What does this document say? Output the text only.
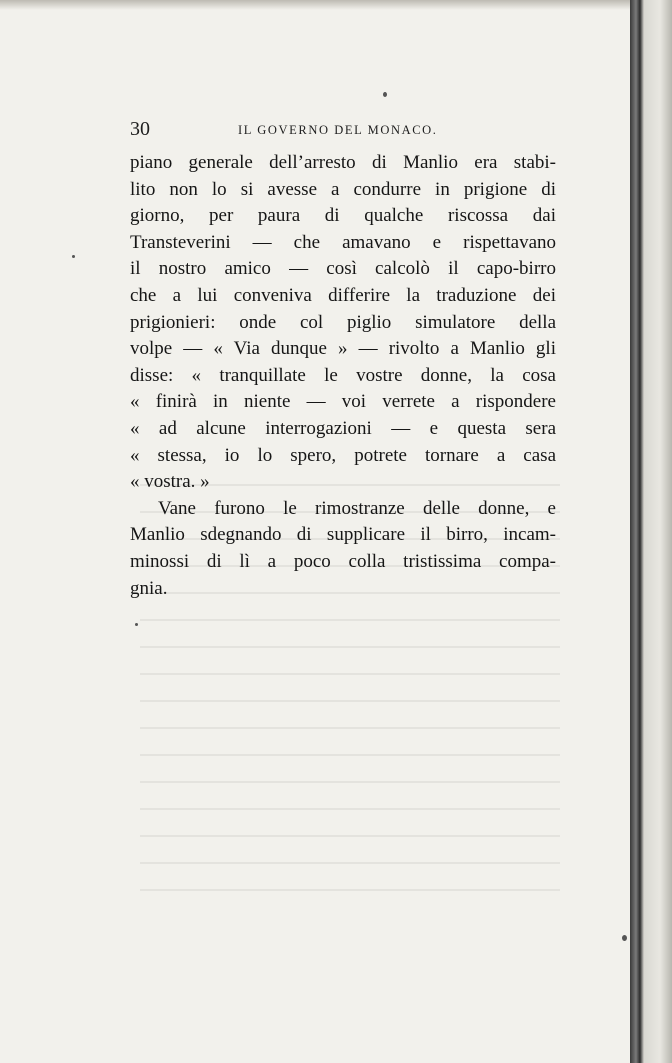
30	IL GOVERNO DEL MONACO.
piano generale dell’arresto di Manlio era stabi-
lito non lo si avesse a condurre in prigione di
giorno, per paura di qualche riscossa dai
Transteverini — che amavano e rispettavano
il nostro amico — così calcolò il capo-birro
che a lui conveniva differire la traduzione dei
prigionieri: onde col piglio simulatore della
volpe — « Via dunque » — rivolto a Manlio gli
disse: « tranquillate le vostre donne, la cosa
« finirà in niente — voi verrete a rispondere
« ad alcune interrogazioni — e questa sera
« stessa, io lo spero, potrete tornare a casa
« vostra. »
Vane furono le rimostranze delle donne, e
Manlio sdegnando di supplicare il birro, incam-
minossi di lì a poco colla tristissima compa-
gnia.
